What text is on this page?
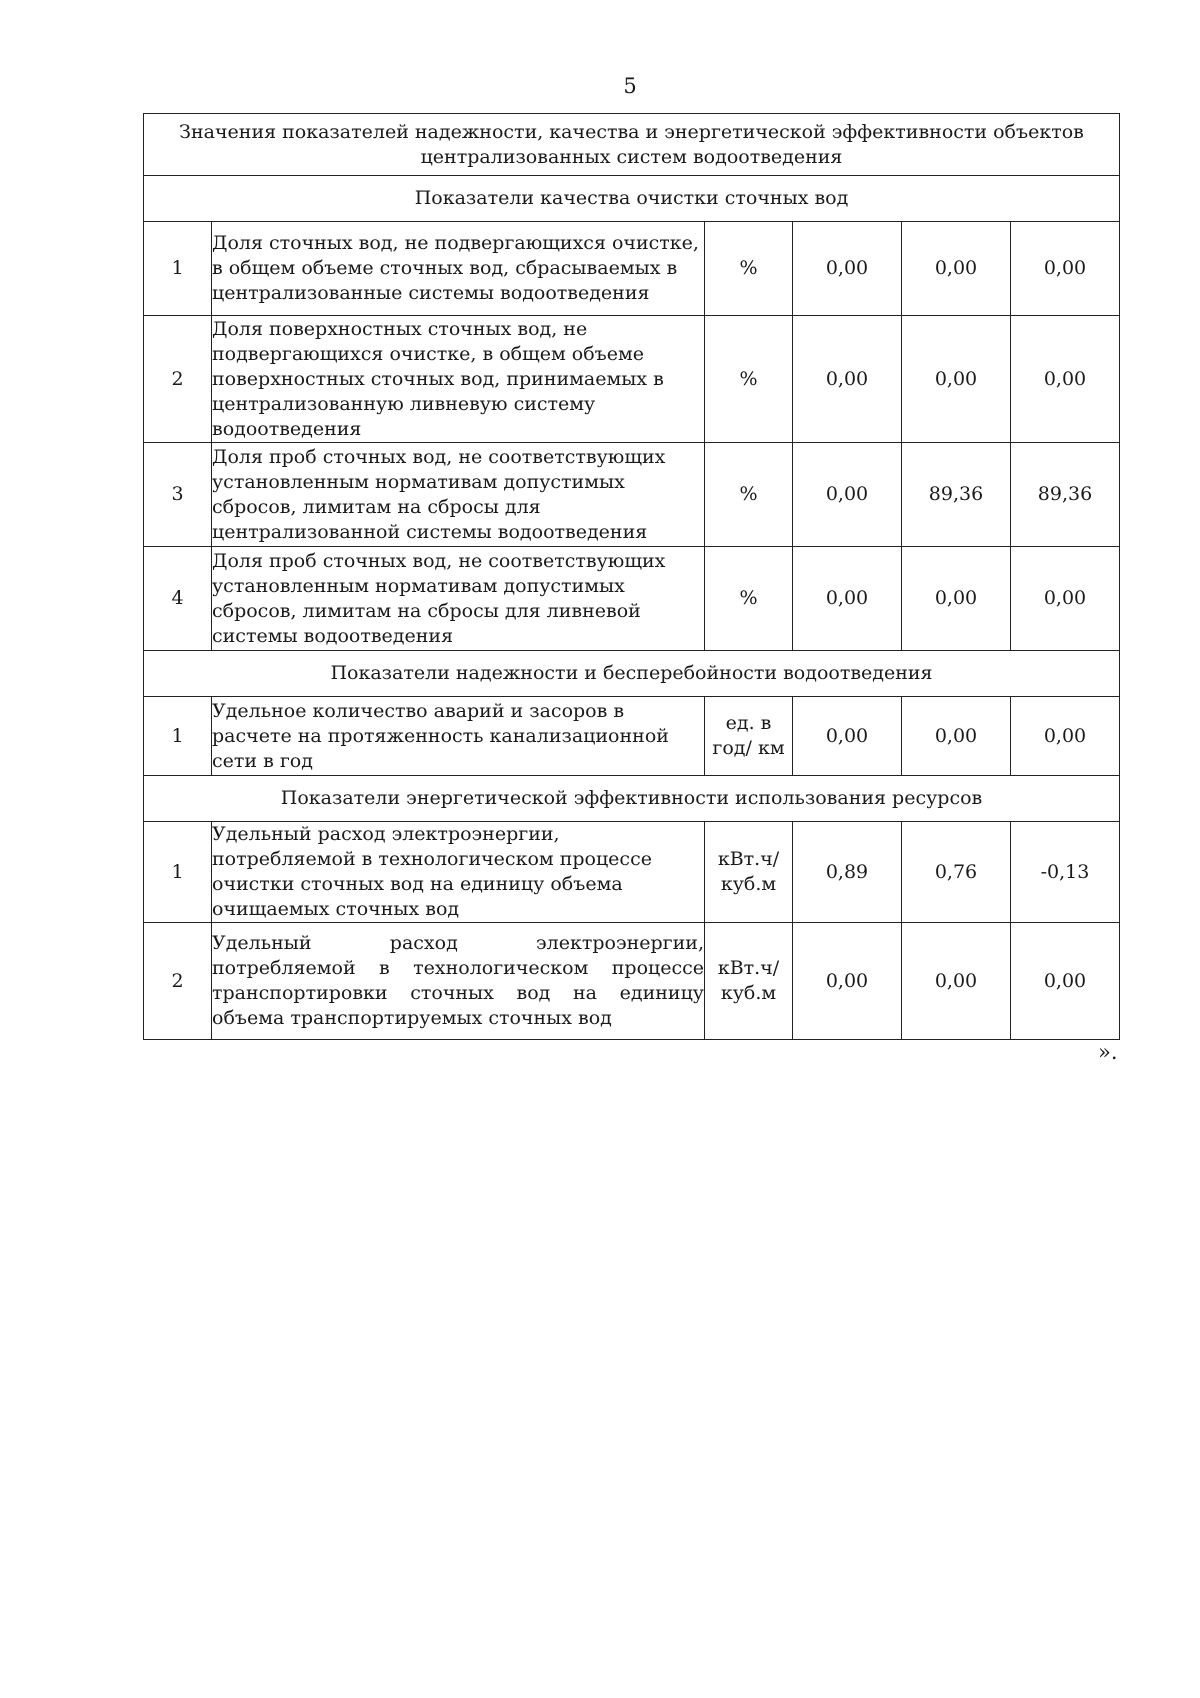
5
Значения показателей надежности, качества и энергетической эффективности объектов централизованных систем водоотведения					
Показатели качества очистки сточных вод					
1	Доля сточных вод, не подвергающихся очистке, в общем объеме сточных вод, сбрасываемых в централизованные системы водоотведения	%	0,00	0,00	0,00
2	Доля поверхностных сточных вод, не подвергающихся очистке, в общем объеме поверхностных сточных вод, принимаемых в централизованную ливневую систему водоотведения	%	0,00	0,00	0,00
3	Доля проб сточных вод, не соответствующих установленным нормативам допустимых сбросов, лимитам на сбросы для централизованной системы водоотведения	%	0,00	89,36	89,36
4	Доля проб сточных вод, не соответствующих установленным нормативам допустимых сбросов, лимитам на сбросы для ливневой системы водоотведения	%	0,00	0,00	0,00
Показатели надежности и бесперебойности водоотведения					
1	Удельное количество аварий и засоров в расчете на протяженность канализационной сети в год	ед. в год/ км	0,00	0,00	0,00
Показатели энергетической эффективности использования ресурсов					
1	Удельный расход электроэнергии, потребляемой в технологическом процессе очистки сточных вод на единицу объема очищаемых сточных вод	кВт.ч/ куб.м	0,89	0,76	-0,13
2	Удельный расход электроэнергии, потребляемой в технологическом процессе транспортировки сточных вод на единицу объема транспортируемых сточных вод	кВт.ч/ куб.м	0,00	0,00	0,00
».
